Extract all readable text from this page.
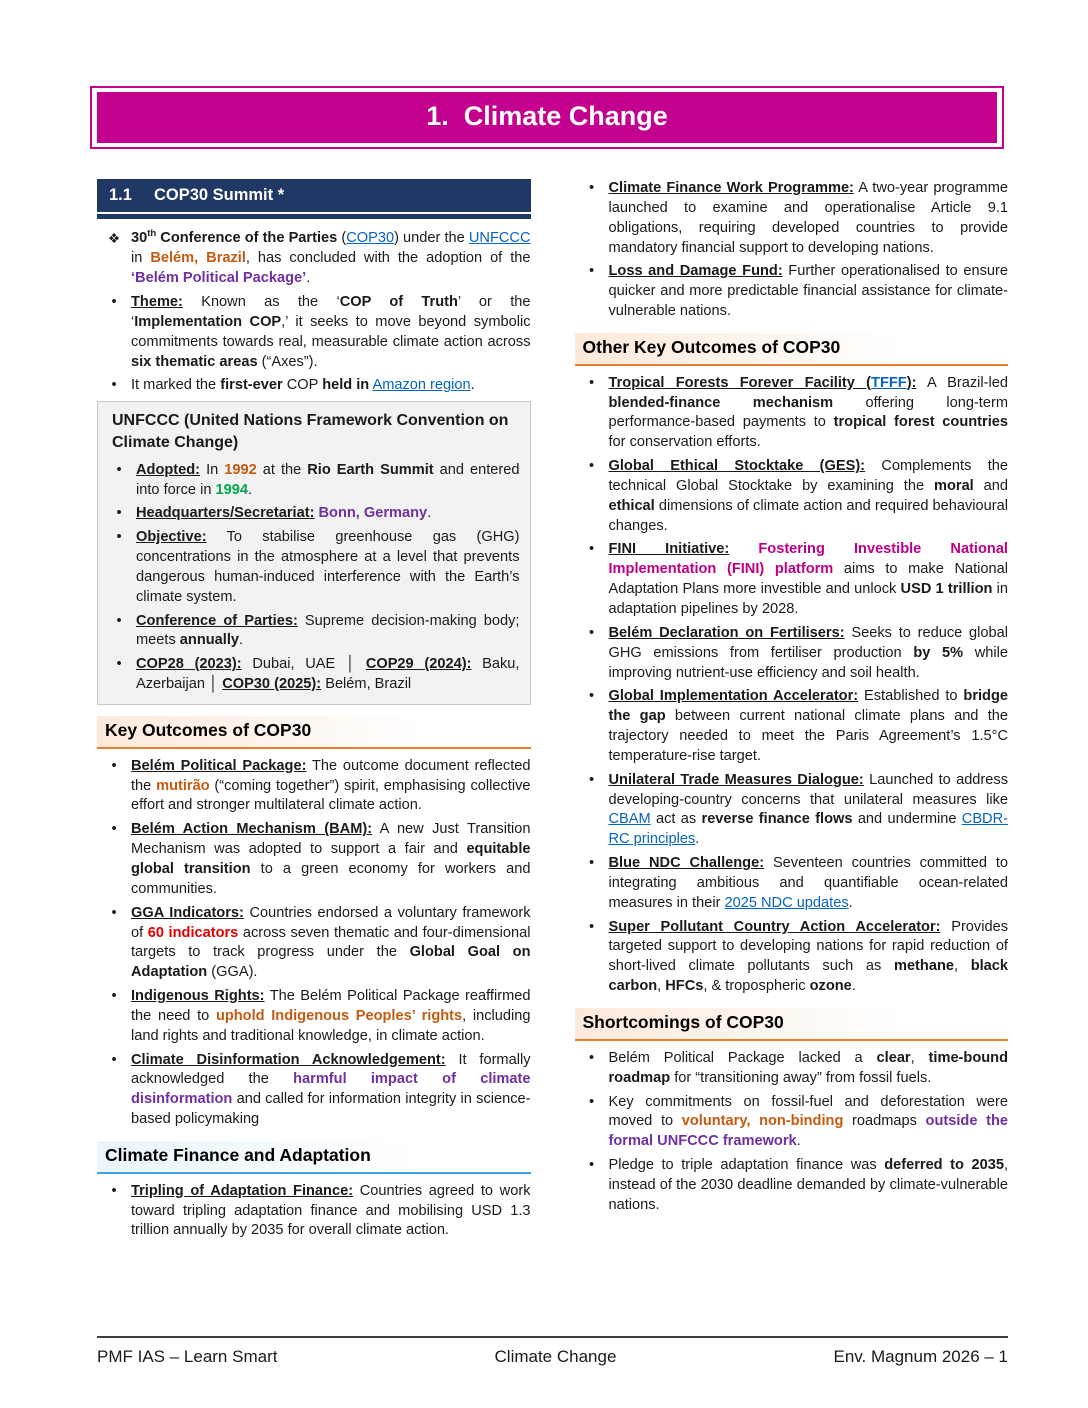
1.  Climate Change
1.1 COP30 Summit *
❖ 30th Conference of the Parties (COP30) under the UNFCCC in Belém, Brazil, has concluded with the adoption of the ‘Belém Political Package’.
• Theme: Known as the ‘COP of Truth’ or the ‘Implementation COP,’ it seeks to move beyond symbolic commitments towards real, measurable climate action across six thematic areas (“Axes”).
• It marked the first-ever COP held in Amazon region.
UNFCCC (United Nations Framework Convention on Climate Change)
• Adopted: In 1992 at the Rio Earth Summit and entered into force in 1994.
• Headquarters/Secretariat: Bonn, Germany.
• Objective: To stabilise greenhouse gas (GHG) concentrations in the atmosphere at a level that prevents dangerous human-induced interference with the Earth’s climate system.
• Conference of Parties: Supreme decision-making body; meets annually.
• COP28 (2023): Dubai, UAE │ COP29 (2024): Baku, Azerbaijan │ COP30 (2025): Belém, Brazil
Key Outcomes of COP30
• Belém Political Package: The outcome document reflected the mutirão (“coming together”) spirit, emphasising collective effort and stronger multilateral climate action.
• Belém Action Mechanism (BAM): A new Just Transition Mechanism was adopted to support a fair and equitable global transition to a green economy for workers and communities.
• GGA Indicators: Countries endorsed a voluntary framework of 60 indicators across seven thematic and four-dimensional targets to track progress under the Global Goal on Adaptation (GGA).
• Indigenous Rights: The Belém Political Package reaffirmed the need to uphold Indigenous Peoples’ rights, including land rights and traditional knowledge, in climate action.
• Climate Disinformation Acknowledgement: It formally acknowledged the harmful impact of climate disinformation and called for information integrity in science-based policymaking
Climate Finance and Adaptation
• Tripling of Adaptation Finance: Countries agreed to work toward tripling adaptation finance and mobilising USD 1.3 trillion annually by 2035 for overall climate action.
• Climate Finance Work Programme: A two-year programme launched to examine and operationalise Article 9.1 obligations, requiring developed countries to provide mandatory financial support to developing nations.
• Loss and Damage Fund: Further operationalised to ensure quicker and more predictable financial assistance for climate-vulnerable nations.
Other Key Outcomes of COP30
• Tropical Forests Forever Facility (TFFF): A Brazil-led blended-finance mechanism offering long-term performance-based payments to tropical forest countries for conservation efforts.
• Global Ethical Stocktake (GES): Complements the technical Global Stocktake by examining the moral and ethical dimensions of climate action and required behavioural changes.
• FINI Initiative: Fostering Investible National Implementation (FINI) platform aims to make National Adaptation Plans more investible and unlock USD 1 trillion in adaptation pipelines by 2028.
• Belém Declaration on Fertilisers: Seeks to reduce global GHG emissions from fertiliser production by 5% while improving nutrient-use efficiency and soil health.
• Global Implementation Accelerator: Established to bridge the gap between current national climate plans and the trajectory needed to meet the Paris Agreement’s 1.5°C temperature-rise target.
• Unilateral Trade Measures Dialogue: Launched to address developing-country concerns that unilateral measures like CBAM act as reverse finance flows and undermine CBDR-RC principles.
• Blue NDC Challenge: Seventeen countries committed to integrating ambitious and quantifiable ocean-related measures in their 2025 NDC updates.
• Super Pollutant Country Action Accelerator: Provides targeted support to developing nations for rapid reduction of short-lived climate pollutants such as methane, black carbon, HFCs, & tropospheric ozone.
Shortcomings of COP30
• Belém Political Package lacked a clear, time-bound roadmap for “transitioning away” from fossil fuels.
• Key commitments on fossil-fuel and deforestation were moved to voluntary, non-binding roadmaps outside the formal UNFCCC framework.
• Pledge to triple adaptation finance was deferred to 2035, instead of the 2030 deadline demanded by climate-vulnerable nations.
PMF IAS – Learn Smart	Climate Change	Env. Magnum 2026 – 1
